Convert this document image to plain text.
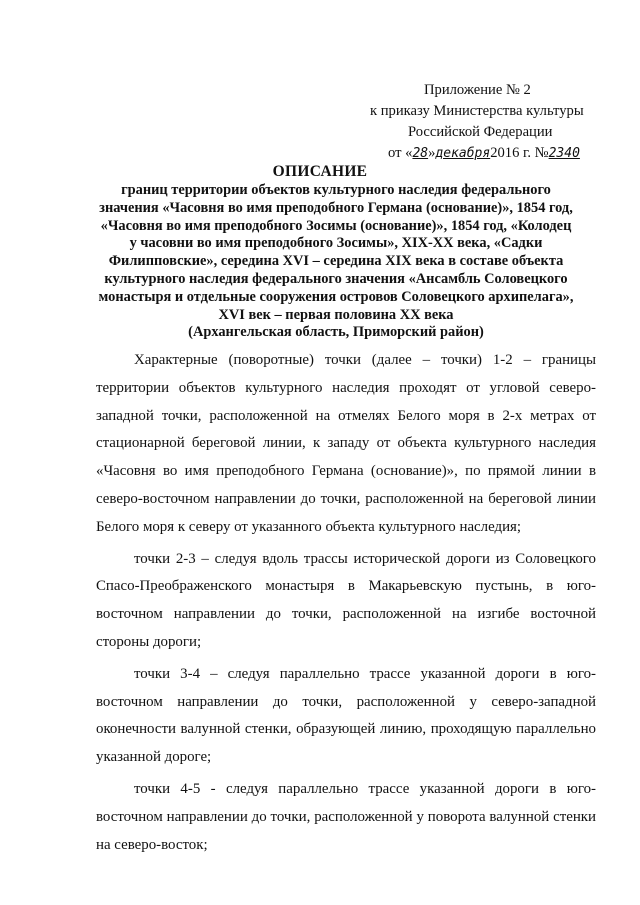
Приложение № 2
к приказу Министерства культуры
Российской Федерации
от «28»декабря2016 г. №2340
ОПИСАНИЕ
границ территории объектов культурного наследия федерального
значения «Часовня во имя преподобного Германа (основание)», 1854 год,
«Часовня во имя преподобного Зосимы (основание)», 1854 год, «Колодец
у часовни во имя преподобного Зосимы», XIX-XX века, «Садки
Филипповские», середина XVI – середина XIX века в составе объекта
культурного наследия федерального значения «Ансамбль Соловецкого
монастыря и отдельные сооружения островов Соловецкого архипелага»,
XVI век – первая половина XX века
(Архангельская область, Приморский район)

Характерные (поворотные) точки (далее – точки) 1-2 – границы территории объектов культурного наследия проходят от угловой северо-западной точки, расположенной на отмелях Белого моря в 2-х метрах от стационарной береговой линии, к западу от объекта культурного наследия «Часовня во имя преподобного Германа (основание)», по прямой линии в северо-восточном направлении до точки, расположенной на береговой линии Белого моря к северу от указанного объекта культурного наследия;

точки 2-3 – следуя вдоль трассы исторической дороги из Соловецкого Спасо-Преображенского монастыря в Макарьевскую пустынь, в юго-восточном направлении до точки, расположенной на изгибе восточной стороны дороги;

точки 3-4 – следуя параллельно трассе указанной дороги в юго-восточном направлении до точки, расположенной у северо-западной оконечности валунной стенки, образующей линию, проходящую параллельно указанной дороге;

точки 4-5 - следуя параллельно трассе указанной дороги в юго-восточном направлении до точки, расположенной у поворота валунной стенки на северо-восток;
